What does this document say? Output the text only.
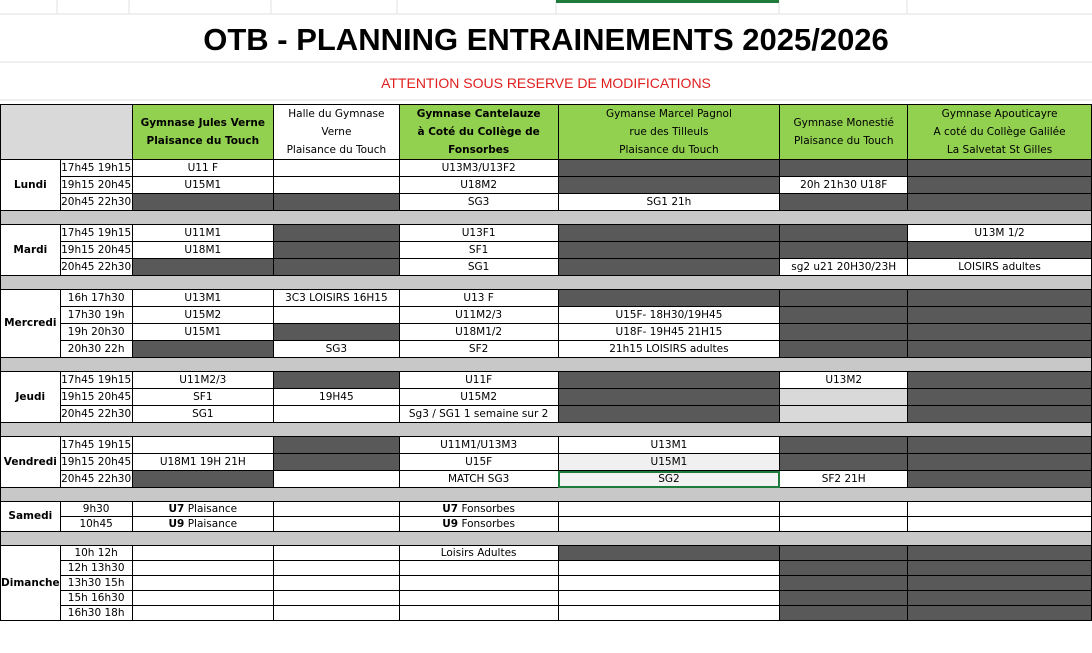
OTB - PLANNING ENTRAINEMENTS 2025/2026
ATTENTION SOUS RESERVE DE MODIFICATIONS
		Gymnase Jules Verne
Plaisance du Touch	Halle du Gymnase
Verne
Plaisance du Touch	Gymnase Cantelauze
à Coté du Collège de
Fonsorbes	Gymanse Marcel Pagnol
rue des Tilleuls
Plaisance du Touch	Gymnase Monestié
Plaisance du Touch	Gymnase Apouticayre
A coté du Collège Galilée
La Salvetat St Gilles
Lundi	17h45 19h15	U11 F		U13M3/U13F2			
	19h15 20h45	U15M1		U18M2		20h 21h30 U18F	
	20h45 22h30			SG3	SG1 21h		

Mardi	17h45 19h15	U11M1		U13F1			U13M 1/2
	19h15 20h45	U18M1		SF1			
	20h45 22h30			SG1		sg2 u21 20H30/23H	LOISIRS adultes

Mercredi	16h 17h30	U13M1	3C3 LOISIRS 16H15	U13 F			
	17h30 19h	U15M2		U11M2/3	U15F- 18H30/19H45		
	19h 20h30	U15M1		U18M1/2	U18F- 19H45 21H15		
	20h30 22h		SG3	SF2	21h15 LOISIRS adultes		

Jeudi	17h45 19h15	U11M2/3		U11F		U13M2	
	19h15 20h45	SF1	19H45	U15M2			
	20h45 22h30	SG1		Sg3 / SG1 1 semaine sur 2			

Vendredi	17h45 19h15			U11M1/U13M3	U13M1		
	19h15 20h45	U18M1 19H 21H		U15F	U15M1		
	20h45 22h30			MATCH SG3	SG2	SF2 21H	

Samedi	9h30	U7 Plaisance		U7 Fonsorbes			
	10h45	U9 Plaisance		U9 Fonsorbes			

Dimanche	10h 12h			Loisirs Adultes			
	12h 13h30						
	13h30 15h						
	15h 16h30						
	16h30 18h						
